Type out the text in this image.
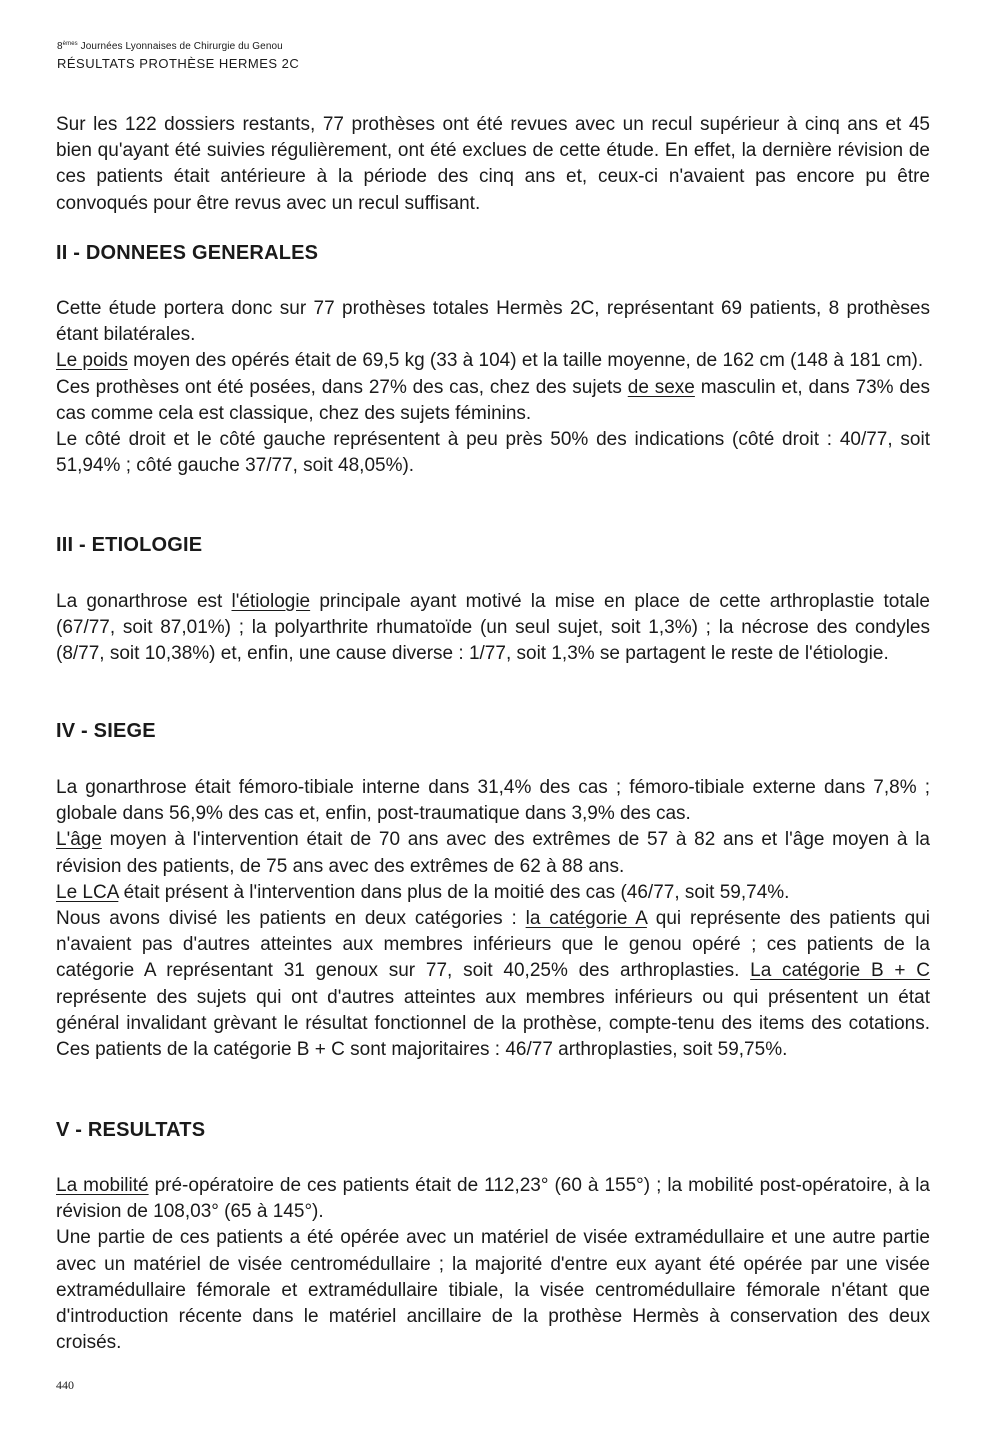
8èmes Journées Lyonnaises de Chirurgie du Genou
RÉSULTATS PROTHÈSE HERMES 2C

Sur les 122 dossiers restants, 77 prothèses ont été revues avec un recul supérieur à cinq ans et 45 bien qu'ayant été suivies régulièrement, ont été exclues de cette étude. En effet, la dernière révision de ces patients était antérieure à la période des cinq ans et, ceux-ci n'avaient pas encore pu être convoqués pour être revus avec un recul suffisant.

II - DONNEES GENERALES

Cette étude portera donc sur 77 prothèses totales Hermès 2C, représentant 69 patients, 8 prothèses étant bilatérales.

Le poids moyen des opérés était de 69,5 kg (33 à 104) et la taille moyenne, de 162 cm (148 à 181 cm).

Ces prothèses ont été posées, dans 27% des cas, chez des sujets de sexe masculin et, dans 73% des cas comme cela est classique, chez des sujets féminins.

Le côté droit et le côté gauche représentent à peu près 50% des indications (côté droit : 40/77, soit 51,94% ; côté gauche 37/77, soit 48,05%).

III - ETIOLOGIE

La gonarthrose est l'étiologie principale ayant motivé la mise en place de cette arthroplastie totale (67/77, soit 87,01%) ; la polyarthrite rhumatoïde (un seul sujet, soit 1,3%) ; la nécrose des condyles (8/77, soit 10,38%) et, enfin, une cause diverse : 1/77, soit 1,3% se partagent le reste de l'étiologie.

IV - SIEGE

La gonarthrose était fémoro-tibiale interne dans 31,4% des cas ; fémoro-tibiale externe dans 7,8% ; globale dans 56,9% des cas et, enfin, post-traumatique dans 3,9% des cas.

L'âge moyen à l'intervention était de 70 ans avec des extrêmes de 57 à 82 ans et l'âge moyen à la révision des patients, de 75 ans avec des extrêmes de 62 à 88 ans.

Le LCA était présent à l'intervention dans plus de la moitié des cas (46/77, soit 59,74%.

Nous avons divisé les patients en deux catégories : la catégorie A qui représente des patients qui n'avaient pas d'autres atteintes aux membres inférieurs que le genou opéré ; ces patients de la catégorie A représentant 31 genoux sur 77, soit 40,25% des arthroplasties. La catégorie B + C représente des sujets qui ont d'autres atteintes aux membres inférieurs ou qui présentent un état général invalidant grèvant le résultat fonctionnel de la prothèse, compte-tenu des items des cotations. Ces patients de la catégorie B + C sont majoritaires : 46/77 arthroplasties, soit 59,75%.

V - RESULTATS

La mobilité pré-opératoire de ces patients était de 112,23° (60 à 155°) ; la mobilité post-opératoire, à la révision de 108,03° (65 à 145°).

Une partie de ces patients a été opérée avec un matériel de visée extramédullaire et une autre partie avec un matériel de visée centromédullaire ; la majorité d'entre eux ayant été opérée par une visée extramédullaire fémorale et extramédullaire tibiale, la visée centromédullaire fémorale n'étant que d'introduction récente dans le matériel ancillaire de la prothèse Hermès à conservation des deux croisés.

440
